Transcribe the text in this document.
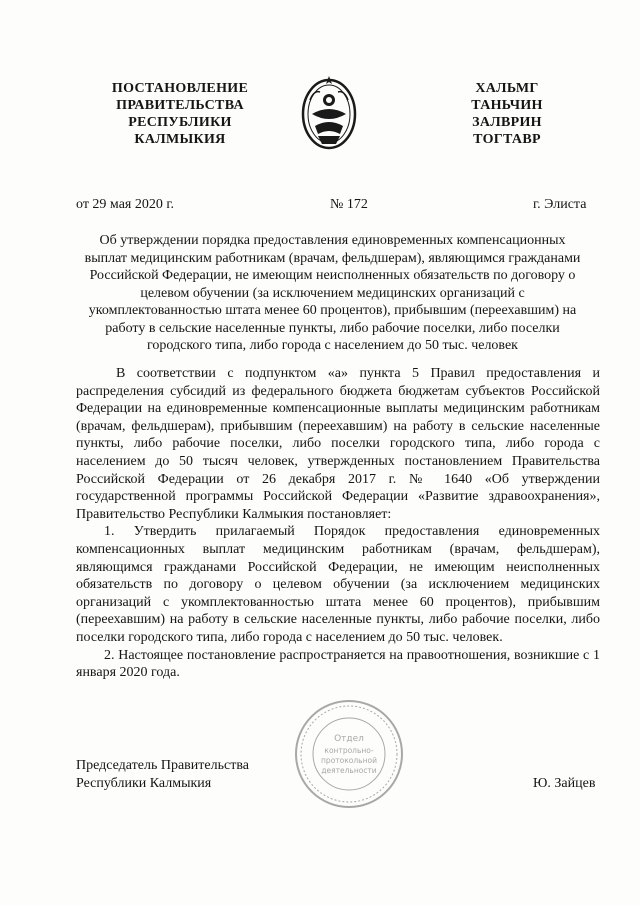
ПОСТАНОВЛЕНИЕ
ПРАВИТЕЛЬСТВА
РЕСПУБЛИКИ
КАЛМЫКИЯ
ХАЛЬМГ
ТАНЬЧИН
ЗАЛВРИН
ТОГТАВР
от 29 мая 2020 г.	№ 172	г. Элиста
Об утверждении порядка предоставления единовременных компенсационных выплат медицинским работникам (врачам, фельдшерам), являющимся гражданами Российской Федерации, не имеющим неисполненных обязательств по договору о целевом обучении (за исключением медицинских организаций с укомплектованностью штата менее 60 процентов), прибывшим (переехавшим) на работу в сельские населенные пункты, либо рабочие поселки, либо поселки городского типа, либо города с населением до 50 тыс. человек

В соответствии с подпунктом «а» пункта 5 Правил предоставления и распределения субсидий из федерального бюджета бюджетам субъектов Российской Федерации на единовременные компенсационные выплаты медицинским работникам (врачам, фельдшерам), прибывшим (переехавшим) на работу в сельские населенные пункты, либо рабочие поселки, либо поселки городского типа, либо города с населением до 50 тысяч человек, утвержденных постановлением Правительства Российской Федерации от 26 декабря 2017 г. № 1640 «Об утверждении государственной программы Российской Федерации «Развитие здравоохранения», Правительство Республики Калмыкия постановляет:

1. Утвердить прилагаемый Порядок предоставления единовременных компенсационных выплат медицинским работникам (врачам, фельдшерам), являющимся гражданами Российской Федерации, не имеющим неисполненных обязательств по договору о целевом обучении (за исключением медицинских организаций с укомплектованностью штата менее 60 процентов), прибывшим (переехавшим) на работу в сельские населенные пункты, либо рабочие поселки, либо поселки городского типа, либо города с населением до 50 тыс. человек.

2. Настоящее постановление распространяется на правоотношения, возникшие с 1 января 2020 года.

Отдел
контрольно-
протокольной
деятельности
Председатель Правительства
Республики Калмыкия	Ю. Зайцев
